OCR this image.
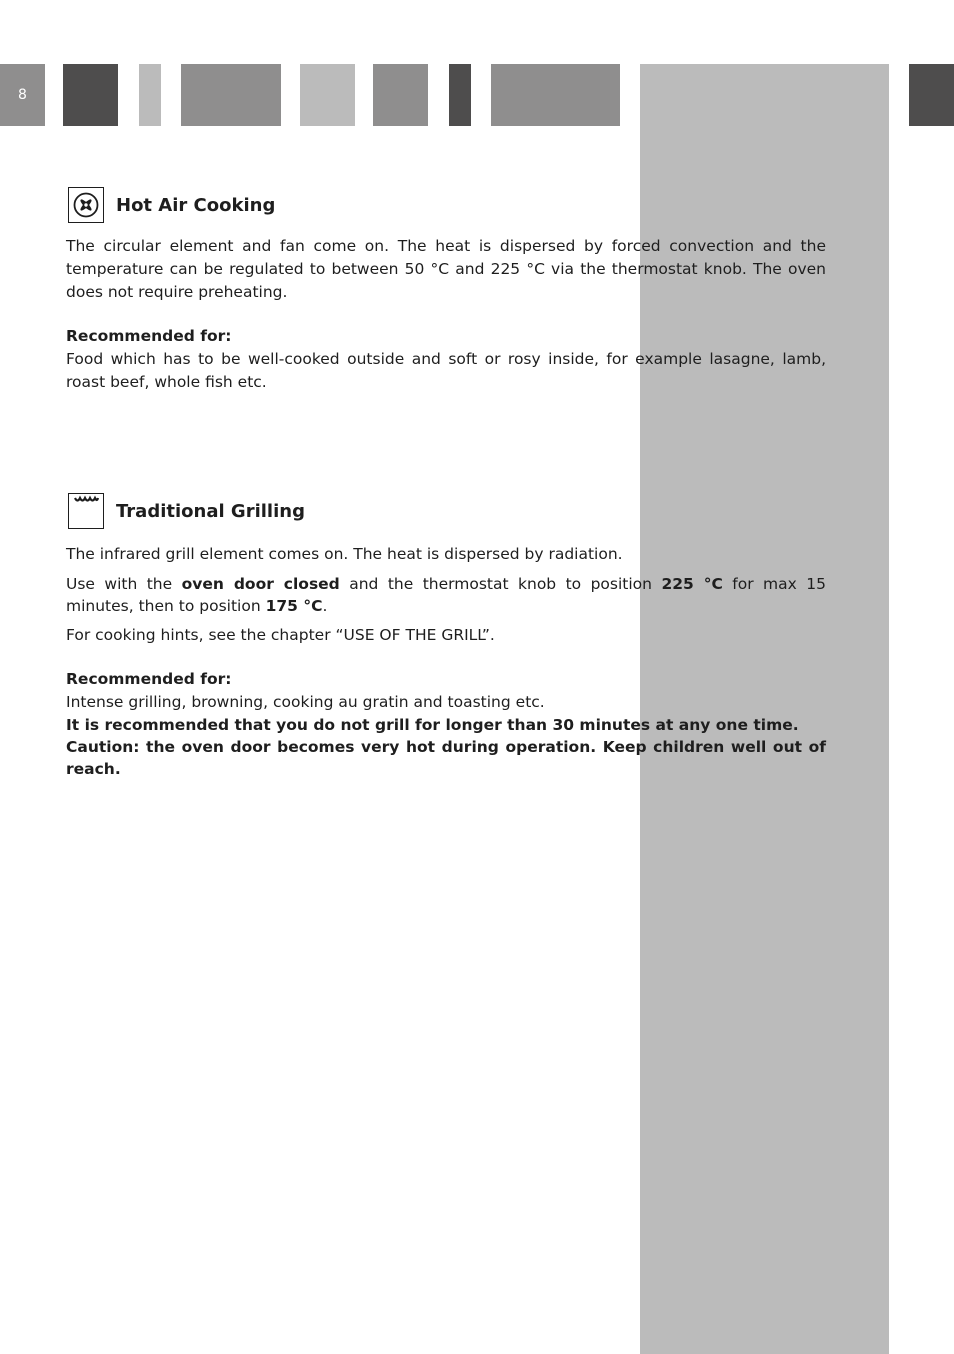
8
Hot Air Cooking

The circular element and fan come on. The heat is dispersed by forced convection and the temperature can be regulated to between 50 °C and 225 °C via the thermostat knob. The oven does not require preheating.

Recommended for:

Food which has to be well-cooked outside and soft or rosy inside, for example lasagne, lamb, roast beef, whole fish etc.

Traditional Grilling

The infrared grill element comes on. The heat is dispersed by radiation.

Use with the oven door closed and the thermostat knob to position 225 °C for max 15 minutes, then to position 175 °C.

For cooking hints, see the chapter “USE OF THE GRILL”.

Recommended for:

Intense grilling, browning, cooking au gratin and toasting etc.

It is recommended that you do not grill for longer than 30 minutes at any one time.

Caution: the oven door becomes very hot during operation. Keep children well out of reach.
